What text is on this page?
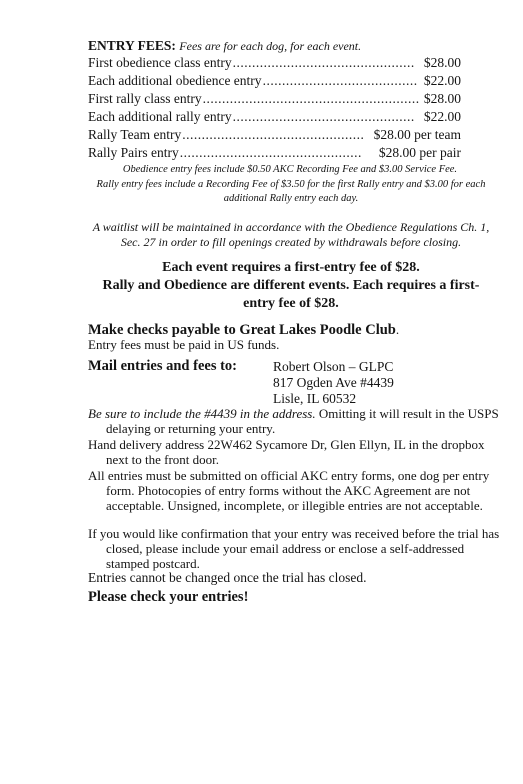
ENTRY FEES: Fees are for each dog, for each event.
First obedience class entry ............................................... $28.00
Each additional obedience entry ........................................ $22.00
First rally class entry ........................................................ $28.00
Each additional rally entry ............................................... $22.00
Rally Team entry ............................................... $28.00 per team
Rally Pairs entry ...............................................	$28.00 per pair
Obedience entry fees include $0.50 AKC Recording Fee and $3.00 Service Fee.
Rally entry fees include a Recording Fee of $3.50 for the first Rally entry and $3.00 for each additional Rally entry each day.
A waitlist will be maintained in accordance with the Obedience Regulations Ch. 1, Sec. 27 in order to fill openings created by withdrawals before closing.
Each event requires a first-entry fee of $28.
Rally and Obedience are different events. Each requires a first-entry fee of $28.
Make checks payable to Great Lakes Poodle Club.
Entry fees must be paid in US funds.
Mail entries and fees to:	Robert Olson – GLPC
817 Ogden Ave #4439
Lisle, IL 60532
Be sure to include the #4439 in the address. Omitting it will result in the USPS delaying or returning your entry.
Hand delivery address 22W462 Sycamore Dr, Glen Ellyn, IL in the dropbox next to the front door.
All entries must be submitted on official AKC entry forms, one dog per entry form. Photocopies of entry forms without the AKC Agreement are not acceptable. Unsigned, incomplete, or illegible entries are not acceptable.
If you would like confirmation that your entry was received before the trial has closed, please include your email address or enclose a self-addressed stamped postcard.
Entries cannot be changed once the trial has closed.
Please check your entries!
